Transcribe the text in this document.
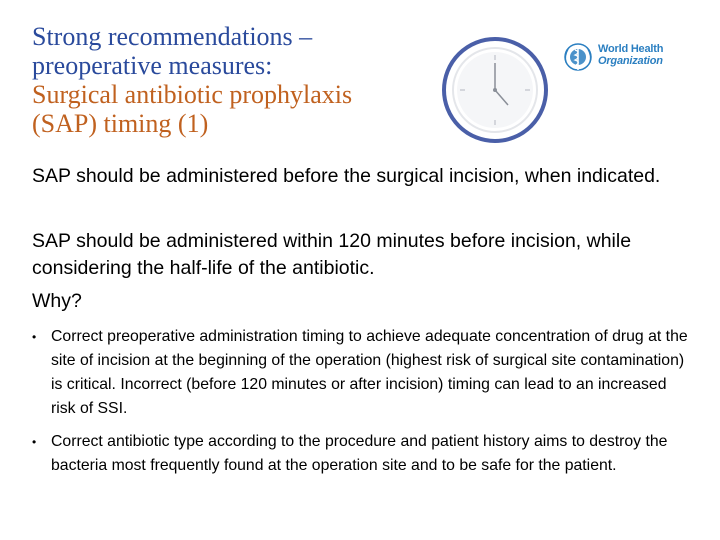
Strong recommendations –
preoperative measures:
Surgical antibiotic prophylaxis
(SAP) timing (1)
World Health
Organization

SAP should be administered before the surgical incision, when indicated.

SAP should be administered within 120 minutes before incision, while considering the half-life of the antibiotic.

Why?
• Correct preoperative administration timing to achieve adequate concentration of drug at the site of incision at the beginning of the operation (highest risk of surgical site contamination) is critical. Incorrect (before 120 minutes or after incision) timing can lead to an increased risk of SSI.
• Correct antibiotic type according to the procedure and patient history aims to destroy the bacteria most frequently found at the operation site and to be safe for the patient.
